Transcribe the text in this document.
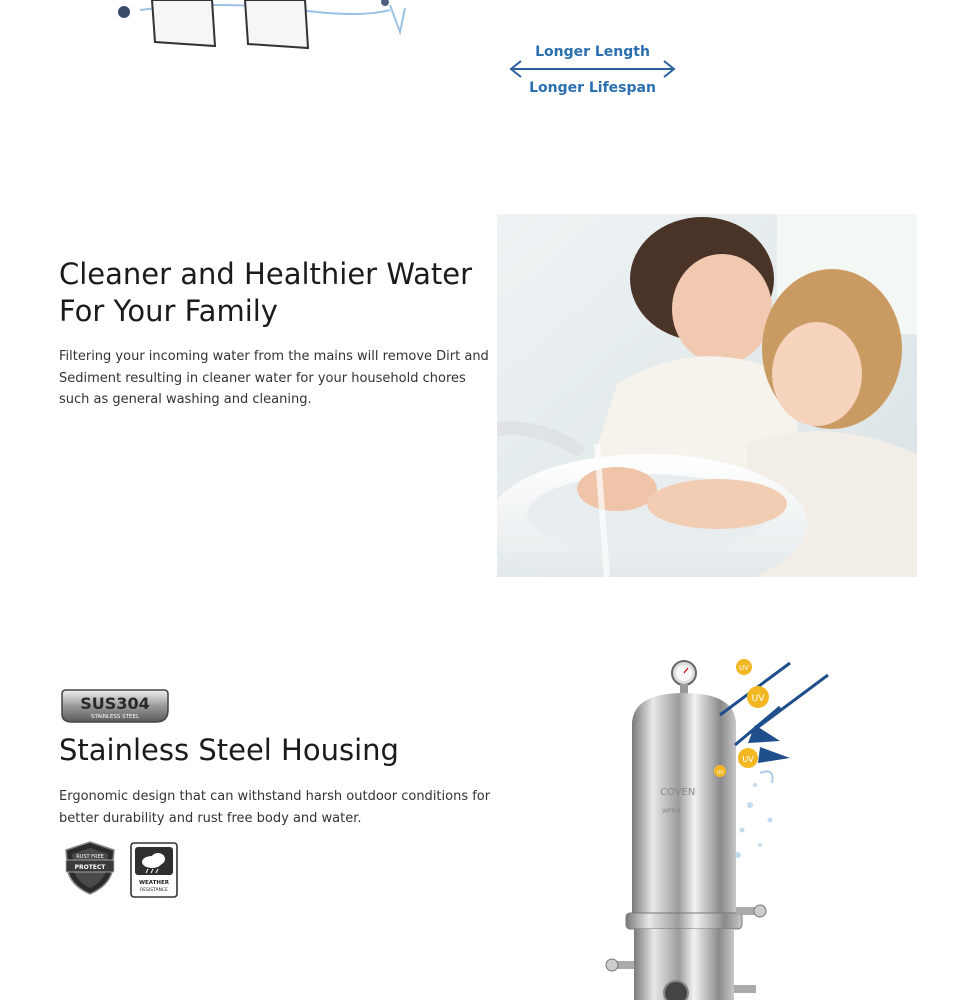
Longer Length
Longer Lifespan
Cleaner and Healthier Water
For Your Family

Filtering your incoming water from the mains will remove Dirt and Sediment resulting in cleaner water for your household chores such as general washing and cleaning.

SUS304
STAINLESS STEEL
Stainless Steel Housing

Ergonomic design that can withstand harsh outdoor conditions for better durability and rust free body and water.

RUST FREE
PROTECT
WEATHER
RESISTANCE
COVEN
WPRO
UV
UV
UV
UV
